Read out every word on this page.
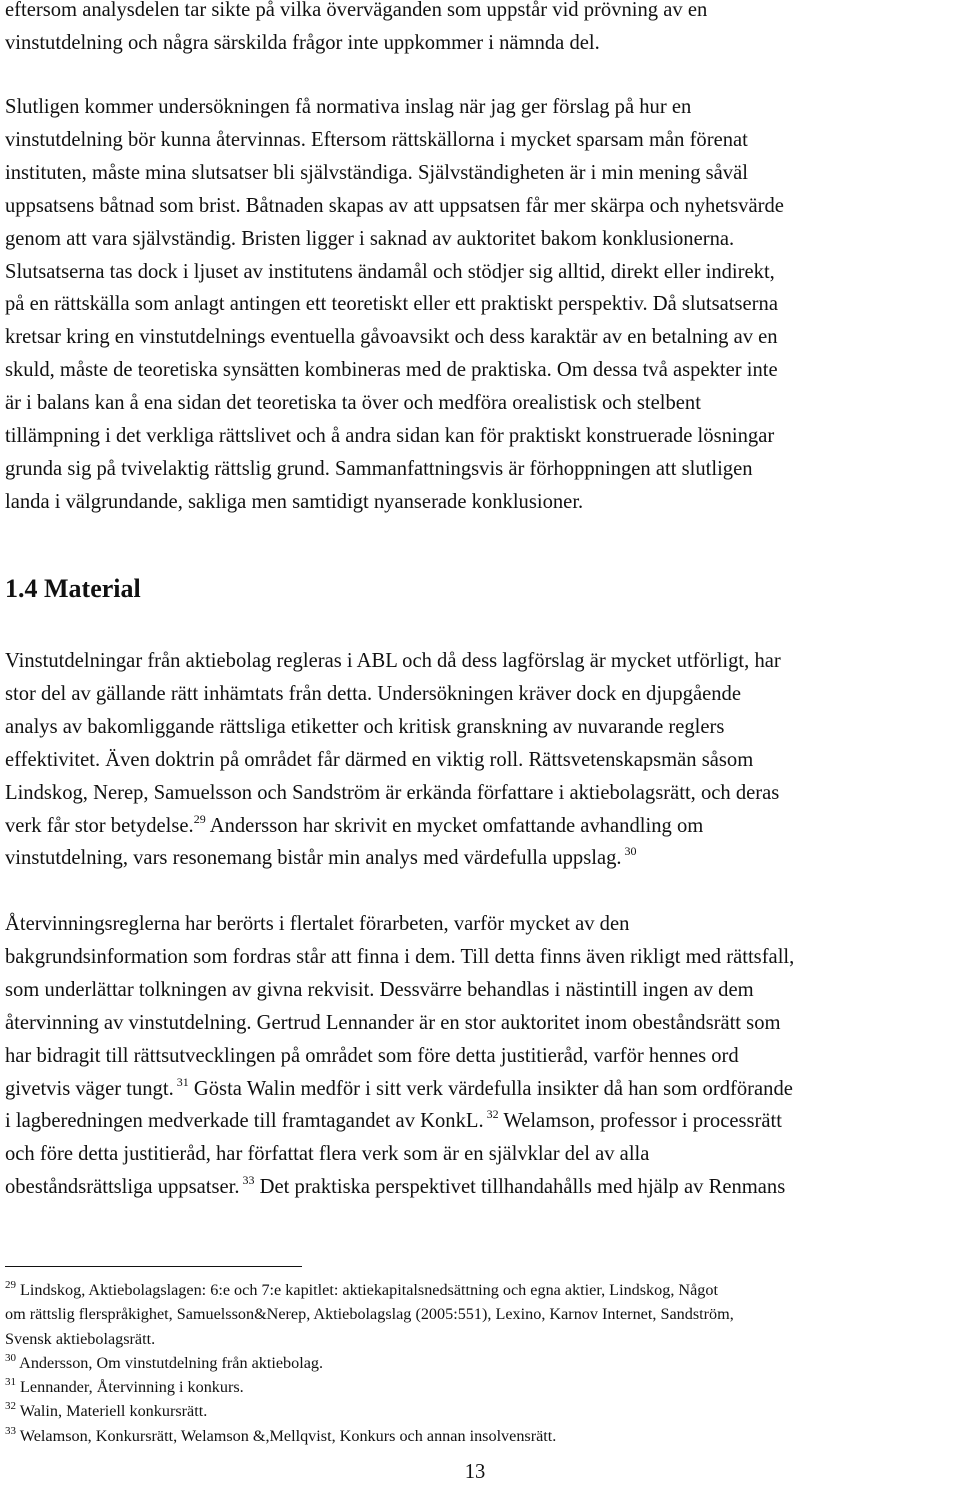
eftersom analysdelen tar sikte på vilka överväganden som uppstår vid prövning av en
vinstutdelning och några särskilda frågor inte uppkommer i nämnda del.

Slutligen kommer undersökningen få normativa inslag när jag ger förslag på hur en
vinstutdelning bör kunna återvinnas. Eftersom rättskällorna i mycket sparsam mån förenat
instituten, måste mina slutsatser bli självständiga. Självständigheten är i min mening såväl
uppsatsens båtnad som brist. Båtnaden skapas av att uppsatsen får mer skärpa och nyhetsvärde
genom att vara självständig. Bristen ligger i saknad av auktoritet bakom konklusionerna.
Slutsatserna tas dock i ljuset av institutens ändamål och stödjer sig alltid, direkt eller indirekt,
på en rättskälla som anlagt antingen ett teoretiskt eller ett praktiskt perspektiv. Då slutsatserna
kretsar kring en vinstutdelnings eventuella gåvoavsikt och dess karaktär av en betalning av en
skuld, måste de teoretiska synsätten kombineras med de praktiska. Om dessa två aspekter inte
är i balans kan å ena sidan det teoretiska ta över och medföra orealistisk och stelbent
tillämpning i det verkliga rättslivet och å andra sidan kan för praktiskt konstruerade lösningar
grunda sig på tvivelaktig rättslig grund. Sammanfattningsvis är förhoppningen att slutligen
landa i välgrundande, sakliga men samtidigt nyanserade konklusioner.

1.4 Material

Vinstutdelningar från aktiebolag regleras i ABL och då dess lagförslag är mycket utförligt, har
stor del av gällande rätt inhämtats från detta. Undersökningen kräver dock en djupgående
analys av bakomliggande rättsliga etiketter och kritisk granskning av nuvarande reglers
effektivitet. Även doktrin på området får därmed en viktig roll. Rättsvetenskapsmän såsom
Lindskog, Nerep, Samuelsson och Sandström är erkända författare i aktiebolagsrätt, och deras
verk får stor betydelse.$^{29}$ Andersson har skrivit en mycket omfattande avhandling om
vinstutdelning, vars resonemang bistår min analys med värdefulla uppslag. $^{30}$

Återvinningsreglerna har berörts i flertalet förarbeten, varför mycket av den
bakgrundsinformation som fordras står att finna i dem. Till detta finns även rikligt med rättsfall,
som underlättar tolkningen av givna rekvisit. Dessvärre behandlas i nästintill ingen av dem
återvinning av vinstutdelning. Gertrud Lennander är en stor auktoritet inom obeståndsrätt som
har bidragit till rättsutvecklingen på området som före detta justitieråd, varför hennes ord
givetvis väger tungt. $^{31}$ Gösta Walin medför i sitt verk värdefulla insikter då han som ordförande
i lagberedningen medverkade till framtagandet av KonkL. $^{32}$ Welamson, professor i processrätt
och före detta justitieråd, har författat flera verk som är en självklar del av alla
obeståndsrättsliga uppsatser. $^{33}$ Det praktiska perspektivet tillhandahålls med hjälp av Renmans

$^{29}$ Lindskog, Aktiebolagslagen: 6:e och 7:e kapitlet: aktiekapitalsnedsättning och egna aktier, Lindskog, Något
om rättslig flerspråkighet, Samuelsson&Nerep, Aktiebolagslag (2005:551), Lexino, Karnov Internet, Sandström,
Svensk aktiebolagsrätt.
$^{30}$ Andersson, Om vinstutdelning från aktiebolag.
$^{31}$ Lennander, Återvinning i konkurs.
$^{32}$ Walin, Materiell konkursrätt.
$^{33}$ Welamson, Konkursrätt, Welamson &,Mellqvist, Konkurs och annan insolvensrätt.
13
